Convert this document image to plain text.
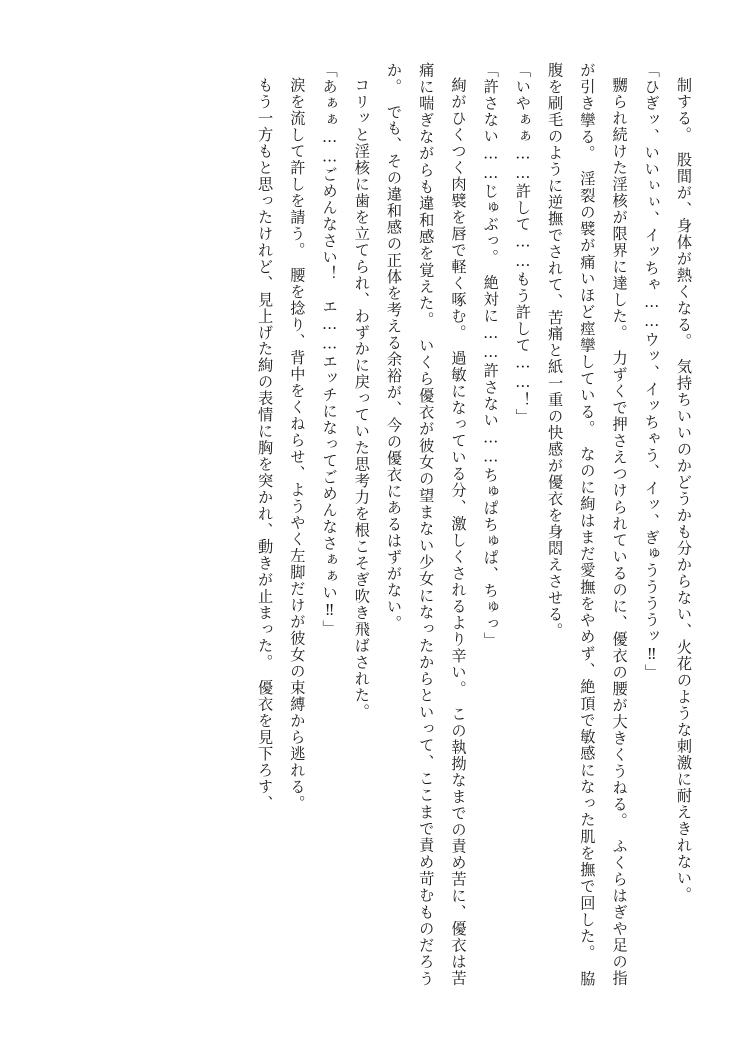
制する。　股間が、身体が熱くなる。　気持ちいいのかどうかも分からない、火花のような刺激に耐えきれない。

「ひぎッ、いいぃぃ、イッちゃ……ウッ、イッちゃう、イッ、ぎゅううううッ‼」

嬲られ続けた淫核が限界に達した。　力ずくで押さえつけられているのに、優衣の腰が大きくうねる。　ふくらはぎや足の指が引き攣る。　淫裂の襞が痛いほど痙攣している。　なのに絢はまだ愛撫をやめず、絶頂で敏感になった肌を撫で回した。　脇腹を刷毛のように逆撫でされて、苦痛と紙一重の快感が優衣を身悶えさせる。

「いやぁぁ……許して……もう許して……！」

「許さない……じゅぶっ。　絶対に……許さない……ちゅぱちゅぱ、ちゅっ」

絢がひくつく肉襞を唇で軽く啄む。　過敏になっている分、激しくされるより辛い。　この執拗なまでの責め苦に、優衣は苦痛に喘ぎながらも違和感を覚えた。　いくら優衣が彼女の望まない少女になったからといって、ここまで責め苛むものだろうか。　でも、その違和感の正体を考える余裕が、今の優衣にあるはずがない。

コリッと淫核に歯を立てられ、わずかに戻っていた思考力を根こそぎ吹き飛ばされた。

「あぁぁ……ごめんなさい！　エ……エッチになってごめんなさぁぁい‼」

涙を流して許しを請う。　腰を捻り、背中をくねらせ、ようやく左脚だけが彼女の束縛から逃れる。

もう一方もと思ったけれど、見上げた絢の表情に胸を突かれ、動きが止まった。　優衣を見下ろす、
